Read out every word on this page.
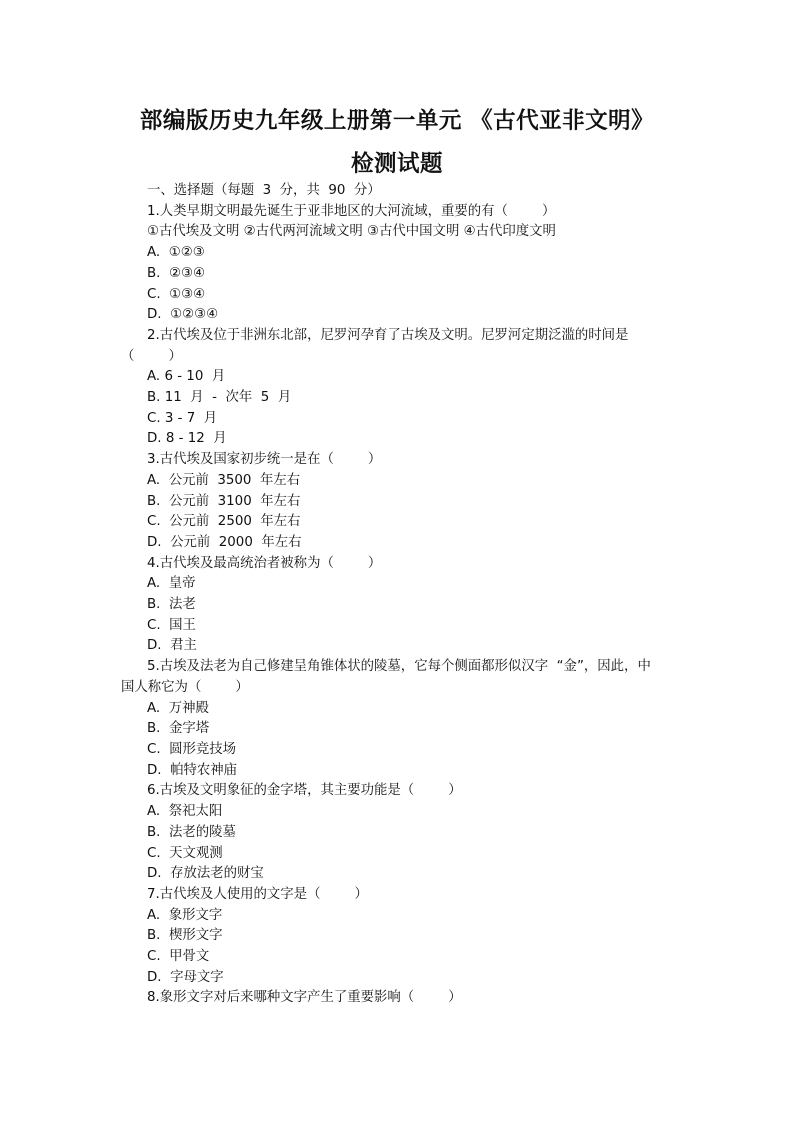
部编版历史九年级上册第一单元 《古代亚非文明》
检测试题
一、选择题（每题  3  分，共  90  分）
1.人类早期文明最先诞生于亚非地区的大河流域，重要的有（        ）
①古代埃及文明 ②古代两河流域文明 ③古代中国文明 ④古代印度文明
A.  ①②③
B.  ②③④
C.  ①③④
D.  ①②③④
2.古代埃及位于非洲东北部，尼罗河孕育了古埃及文明。尼罗河定期泛滥的时间是
（        ）
A. 6 - 10  月
B. 11  月  -  次年  5  月
C. 3 - 7  月
D. 8 - 12  月
3.古代埃及国家初步统一是在（        ）
A.  公元前  3500  年左右
B.  公元前  3100  年左右
C.  公元前  2500  年左右
D.  公元前  2000  年左右
4.古代埃及最高统治者被称为（        ）
A.  皇帝
B.  法老
C.  国王
D.  君主
5.古埃及法老为自己修建呈角锥体状的陵墓，它每个侧面都形似汉字  “金”，因此，中
国人称它为（        ）
A.  万神殿
B.  金字塔
C.  圆形竞技场
D.  帕特农神庙
6.古埃及文明象征的金字塔，其主要功能是（        ）
A.  祭祀太阳
B.  法老的陵墓
C.  天文观测
D.  存放法老的财宝
7.古代埃及人使用的文字是（        ）
A.  象形文字
B.  楔形文字
C.  甲骨文
D.  字母文字
8.象形文字对后来哪种文字产生了重要影响（        ）
